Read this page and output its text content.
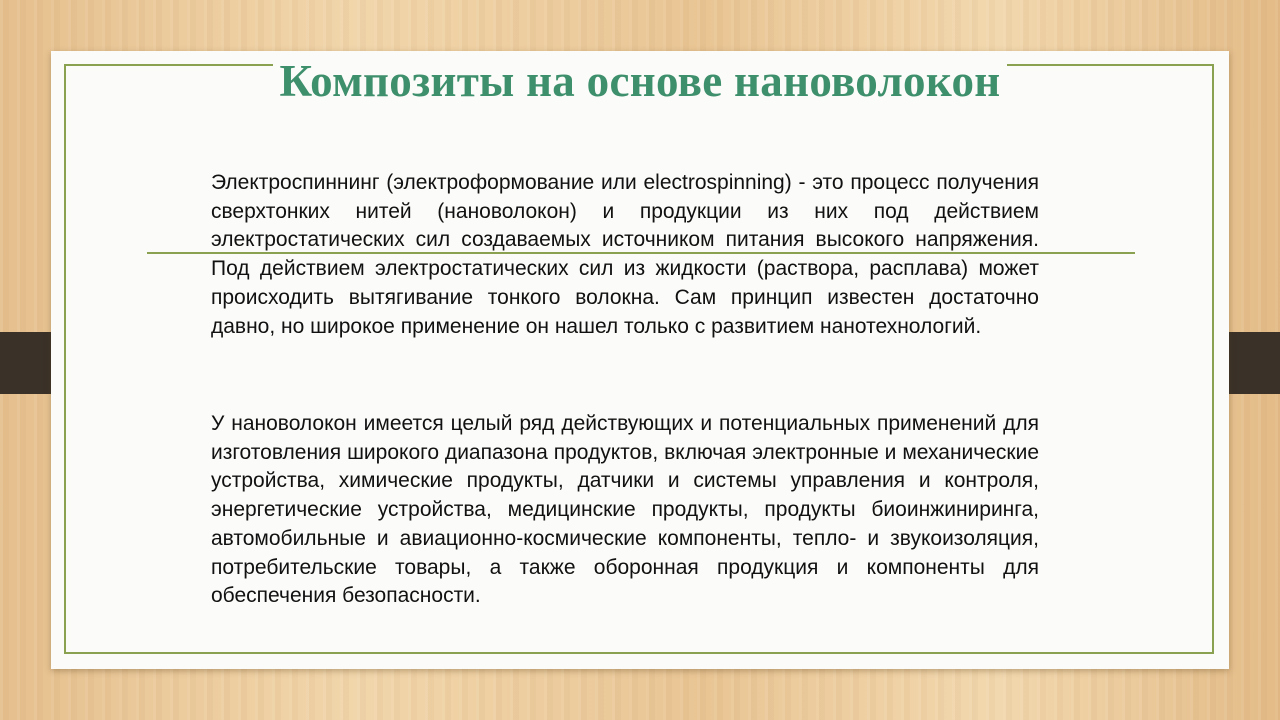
Композиты на основе нановолокон

Электроспиннинг (электроформование или electrospinning) - это процесс получения сверхтонких нитей (нановолокон) и продукции из них под действием электростатических сил создаваемых источником питания высокого напряжения. Под действием электростатических сил из жидкости (раствора, расплава) может происходить вытягивание тонкого волокна. Сам принцип известен достаточно давно, но широкое применение он нашел только с развитием нанотехнологий.

У нановолокон имеется целый ряд действующих и потенциальных применений для изготовления широкого диапазона продуктов, включая электронные и механические устройства, химические продукты, датчики и системы управления и контроля, энергетические устройства, медицинские продукты, продукты биоинжиниринга, автомобильные и авиационно-космические компоненты, тепло- и звукоизоляция, потребительские товары, а также оборонная продукция и компоненты для обеспечения безопасности.
